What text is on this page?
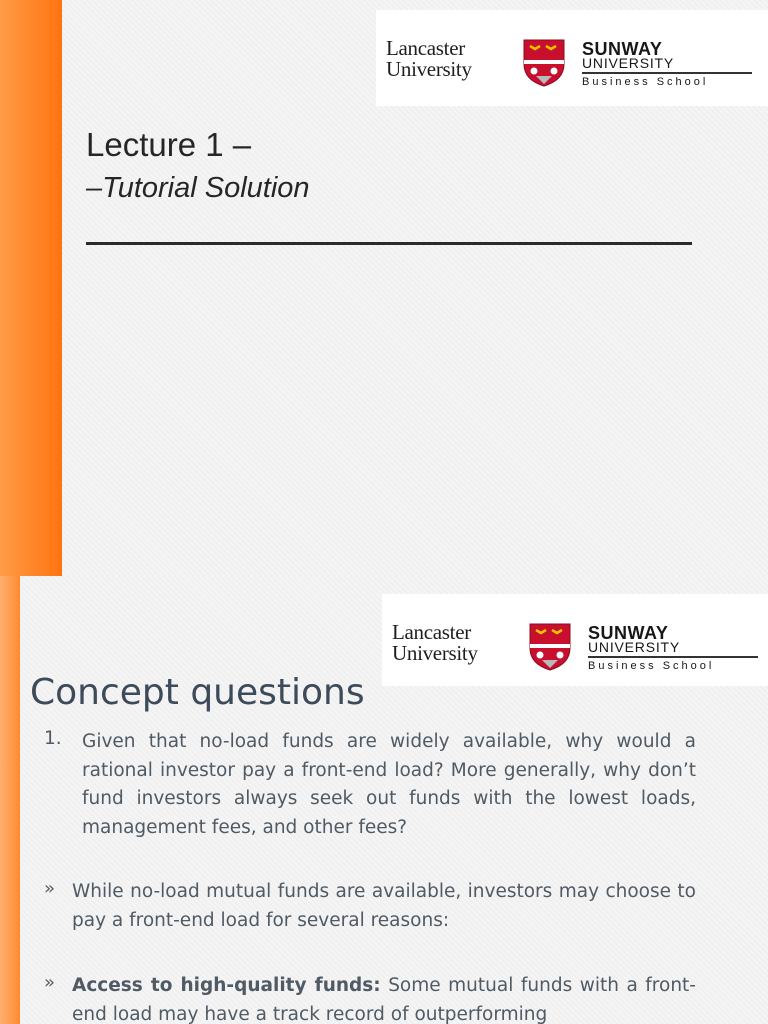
Lancaster
University
SUNWAY
UNIVERSITY
Business School
Lecture 1 –
–Tutorial Solution
Lancaster
University
SUNWAY
UNIVERSITY
Business School
Concept questions
1. Given that no-load funds are widely available, why would a rational investor pay a front-end load? More generally, why don’t fund investors always seek out funds with the lowest loads, management fees, and other fees?
» While no-load mutual funds are available, investors may choose to pay a front-end load for several reasons:
» Access to high-quality funds: Some mutual funds with a front-end load may have a track record of outperforming
